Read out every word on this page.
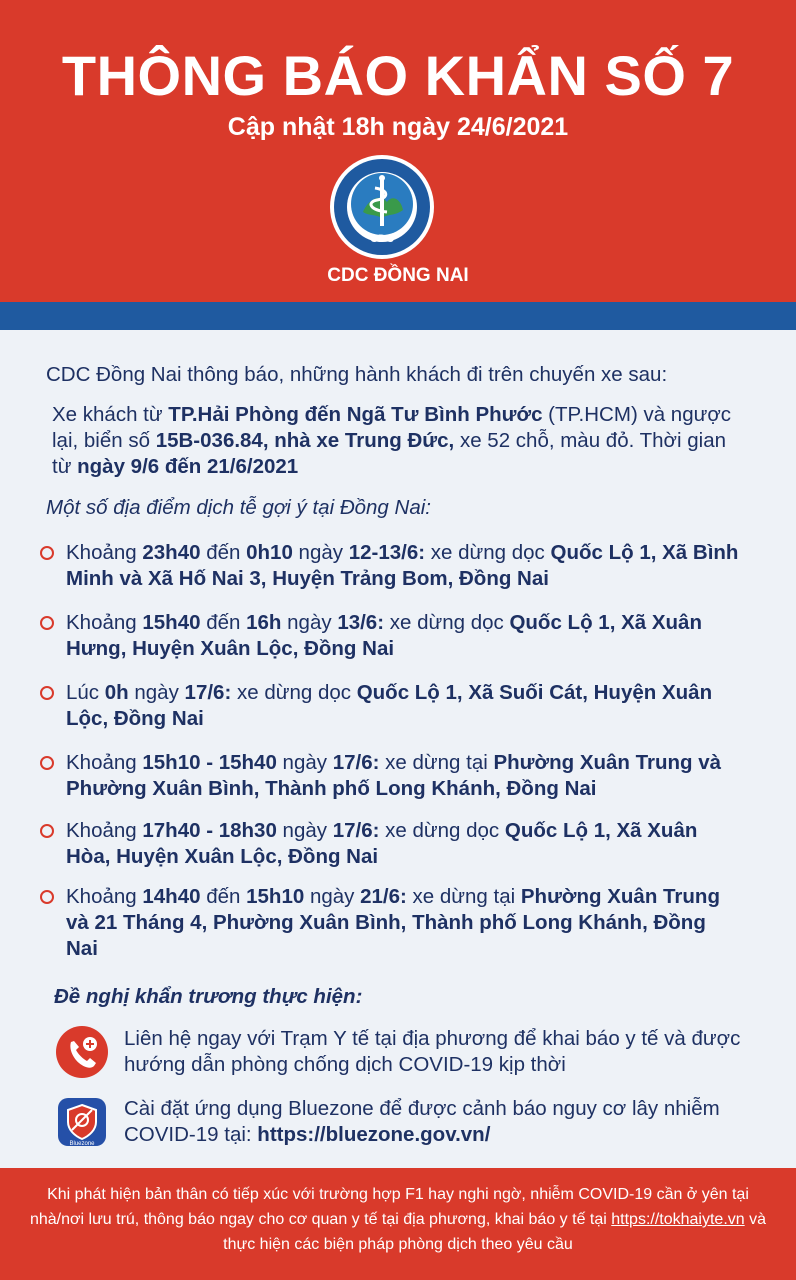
THÔNG BÁO KHẨN SỐ 7
Cập nhật 18h ngày 24/6/2021
CDC
CDC ĐỒNG NAI
CDC Đồng Nai thông báo, những hành khách đi trên chuyến xe sau:
Xe khách từ TP.Hải Phòng đến Ngã Tư Bình Phước (TP.HCM) và ngược lại, biển số 15B-036.84, nhà xe Trung Đức, xe 52 chỗ, màu đỏ. Thời gian từ ngày 9/6 đến 21/6/2021
Một số địa điểm dịch tễ gợi ý tại Đồng Nai:
Khoảng 23h40 đến 0h10 ngày 12-13/6: xe dừng dọc Quốc Lộ 1, Xã Bình Minh và Xã Hố Nai 3, Huyện Trảng Bom, Đồng Nai
Khoảng 15h40 đến 16h ngày 13/6: xe dừng dọc Quốc Lộ 1, Xã Xuân Hưng, Huyện Xuân Lộc, Đồng Nai
Lúc 0h ngày 17/6: xe dừng dọc Quốc Lộ 1, Xã Suối Cát, Huyện Xuân Lộc, Đồng Nai
Khoảng 15h10 - 15h40 ngày 17/6: xe dừng tại Phường Xuân Trung và Phường Xuân Bình, Thành phố Long Khánh, Đồng Nai
Khoảng 17h40 - 18h30 ngày 17/6: xe dừng dọc Quốc Lộ 1, Xã Xuân Hòa, Huyện Xuân Lộc, Đồng Nai
Khoảng 14h40 đến 15h10 ngày 21/6: xe dừng tại Phường Xuân Trung và 21 Tháng 4, Phường Xuân Bình, Thành phố Long Khánh, Đồng Nai
Đề nghị khẩn trương thực hiện:
Liên hệ ngay với Trạm Y tế tại địa phương để khai báo y tế và được hướng dẫn phòng chống dịch COVID-19 kịp thời
Bluezone
Cài đặt ứng dụng Bluezone để được cảnh báo nguy cơ lây nhiễm COVID-19 tại: https://bluezone.gov.vn/
Khi phát hiện bản thân có tiếp xúc với trường hợp F1 hay nghi ngờ, nhiễm COVID-19 cần ở yên tại nhà/nơi lưu trú, thông báo ngay cho cơ quan y tế tại địa phương, khai báo y tế tại https://tokhaiyte.vn và thực hiện các biện pháp phòng dịch theo yêu cầu
